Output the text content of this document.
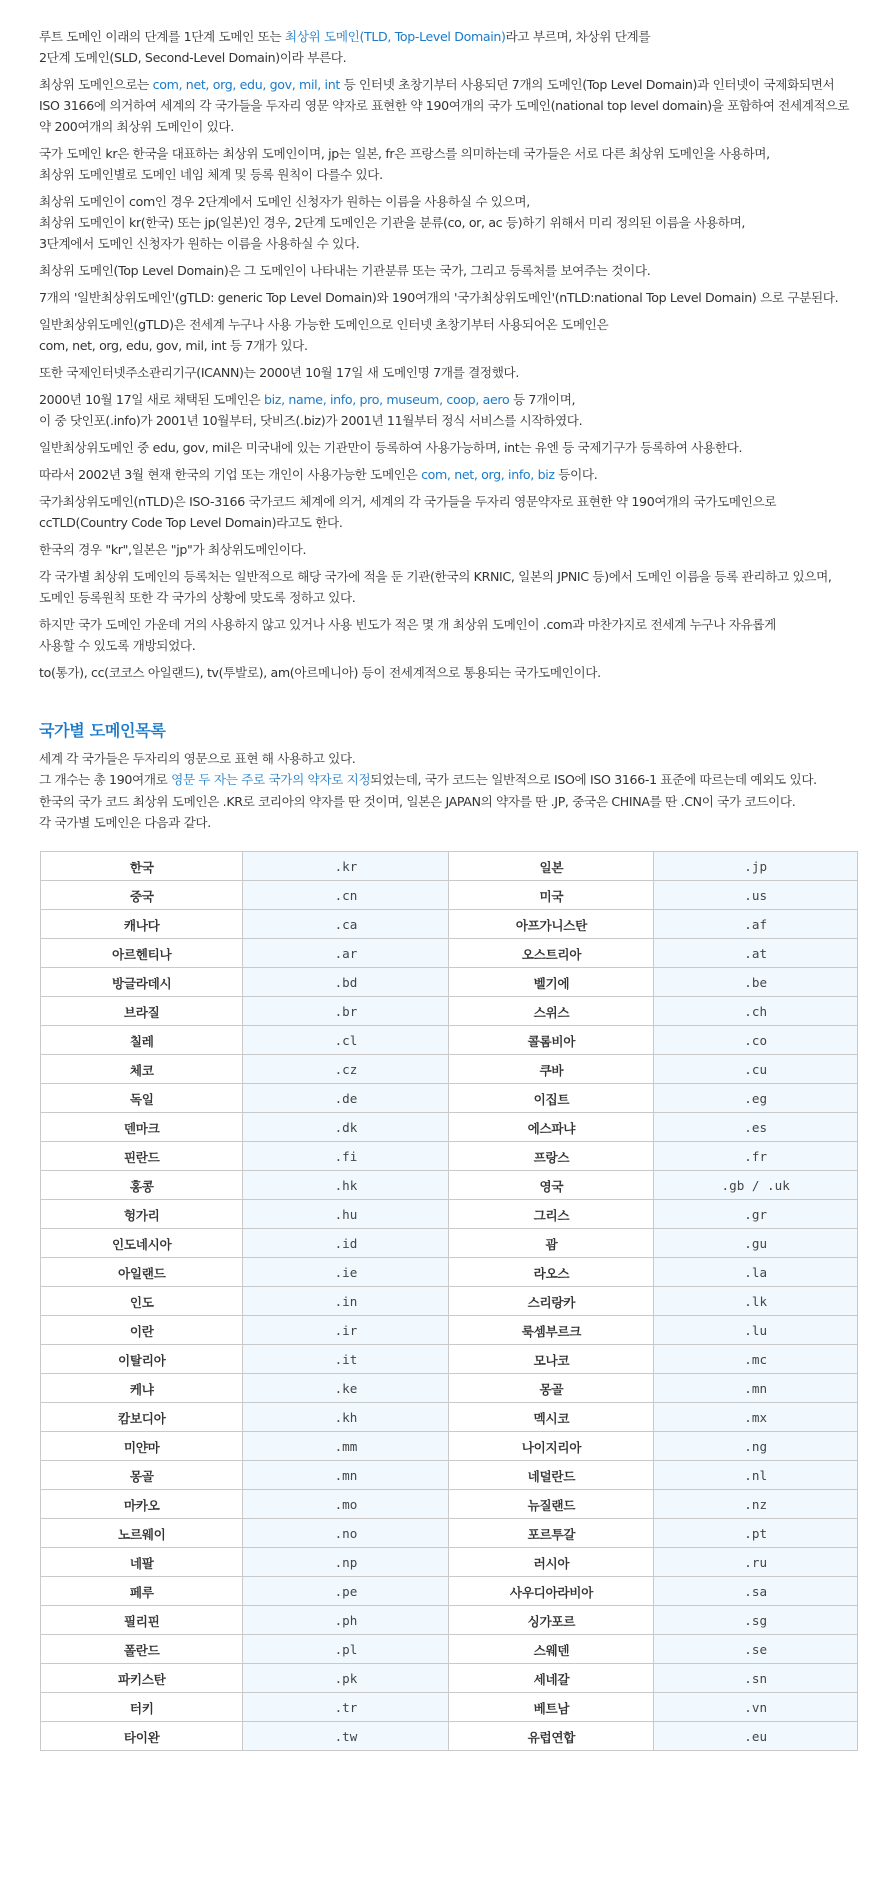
루트 도메인 이래의 단계를 1단계 도메인 또는 최상위 도메인(TLD, Top-Level Domain)라고 부르며, 차상위 단계를
2단계 도메인(SLD, Second-Level Domain)이라 부른다.

최상위 도메인으로는 com, net, org, edu, gov, mil, int 등 인터넷 초창기부터 사용되던 7개의 도메인(Top Level Domain)과 인터넷이 국제화되면서
ISO 3166에 의거하여 세계의 각 국가들을 두자리 영문 약자로 표현한 약 190여개의 국가 도메인(national top level domain)을 포함하여 전세계적으로
약 200여개의 최상위 도메인이 있다.

국가 도메인 kr은 한국을 대표하는 최상위 도메인이며, jp는 일본, fr은 프랑스를 의미하는데 국가들은 서로 다른 최상위 도메인을 사용하며,
최상위 도메인별로 도메인 네임 체계 및 등록 원칙이 다를수 있다.

최상위 도메인이 com인 경우 2단계에서 도메인 신청자가 원하는 이름을 사용하실 수 있으며,
최상위 도메인이 kr(한국) 또는 jp(일본)인 경우, 2단계 도메인은 기관을 분류(co, or, ac 등)하기 위해서 미리 정의된 이름을 사용하며,
3단계에서 도메인 신청자가 원하는 이름을 사용하실 수 있다.

최상위 도메인(Top Level Domain)은 그 도메인이 나타내는 기관분류 또는 국가, 그리고 등록처를 보여주는 것이다.

7개의 '일반최상위도메인'(gTLD: generic Top Level Domain)와 190여개의 '국가최상위도메인'(nTLD:national Top Level Domain) 으로 구분된다.

일반최상위도메인(gTLD)은 전세계 누구나 사용 가능한 도메인으로 인터넷 초창기부터 사용되어온 도메인은
com, net, org, edu, gov, mil, int 등 7개가 있다.

또한 국제인터넷주소관리기구(ICANN)는 2000년 10월 17일 새 도메인명 7개를 결정했다.

2000년 10월 17일 새로 채택된 도메인은 biz, name, info, pro, museum, coop, aero 등 7개이며,
이 중 닷인포(.info)가 2001년 10월부터, 닷비즈(.biz)가 2001년 11월부터 정식 서비스를 시작하였다.

일반최상위도메인 중 edu, gov, mil은 미국내에 있는 기관만이 등록하여 사용가능하며, int는 유엔 등 국제기구가 등록하여 사용한다.

따라서 2002년 3월 현재 한국의 기업 또는 개인이 사용가능한 도메인은 com, net, org, info, biz 등이다.

국가최상위도메인(nTLD)은 ISO-3166 국가코드 체계에 의거, 세계의 각 국가들을 두자리 영문약자로 표현한 약 190여개의 국가도메인으로
ccTLD(Country Code Top Level Domain)라고도 한다.

한국의 경우 "kr",일본은 "jp"가 최상위도메인이다.

각 국가별 최상위 도메인의 등록처는 일반적으로 해당 국가에 적을 둔 기관(한국의 KRNIC, 일본의 JPNIC 등)에서 도메인 이름을 등록 관리하고 있으며,
도메인 등록원칙 또한 각 국가의 상황에 맞도록 정하고 있다.

하지만 국가 도메인 가운데 거의 사용하지 않고 있거나 사용 빈도가 적은 몇 개 최상위 도메인이 .com과 마찬가지로 전세계 누구나 자유롭게
사용할 수 있도록 개방되었다.

to(통가), cc(코코스 아일랜드), tv(투발로), am(아르메니아) 등이 전세계적으로 통용되는 국가도메인이다.

국가별 도메인목록
세계 각 국가들은 두자리의 영문으로 표현 해 사용하고 있다.
그 개수는 총 190여개로 영문 두 자는 주로 국가의 약자로 지정되었는데, 국가 코드는 일반적으로 ISO에 ISO 3166-1 표준에 따르는데 예외도 있다.
한국의 국가 코드 최상위 도메인은 .KR로 코리아의 약자를 딴 것이며, 일본은 JAPAN의 약자를 딴 .JP, 중국은 CHINA를 딴 .CN이 국가 코드이다.
각 국가별 도메인은 다음과 같다.
한국	.kr	일본	.jp
중국	.cn	미국	.us
캐나다	.ca	아프가니스탄	.af
아르헨티나	.ar	오스트리아	.at
방글라데시	.bd	벨기에	.be
브라질	.br	스위스	.ch
칠레	.cl	콜롬비아	.co
체코	.cz	쿠바	.cu
독일	.de	이집트	.eg
덴마크	.dk	에스파냐	.es
핀란드	.fi	프랑스	.fr
홍콩	.hk	영국	.gb / .uk
헝가리	.hu	그리스	.gr
인도네시아	.id	괌	.gu
아일랜드	.ie	라오스	.la
인도	.in	스리랑카	.lk
이란	.ir	룩셈부르크	.lu
이탈리아	.it	모나코	.mc
케냐	.ke	몽골	.mn
캄보디아	.kh	멕시코	.mx
미얀마	.mm	나이지리아	.ng
몽골	.mn	네덜란드	.nl
마카오	.mo	뉴질랜드	.nz
노르웨이	.no	포르투갈	.pt
네팔	.np	러시아	.ru
페루	.pe	사우디아라비아	.sa
필리핀	.ph	싱가포르	.sg
폴란드	.pl	스웨덴	.se
파키스탄	.pk	세네갈	.sn
터키	.tr	베트남	.vn
타이완	.tw	유럽연합	.eu
